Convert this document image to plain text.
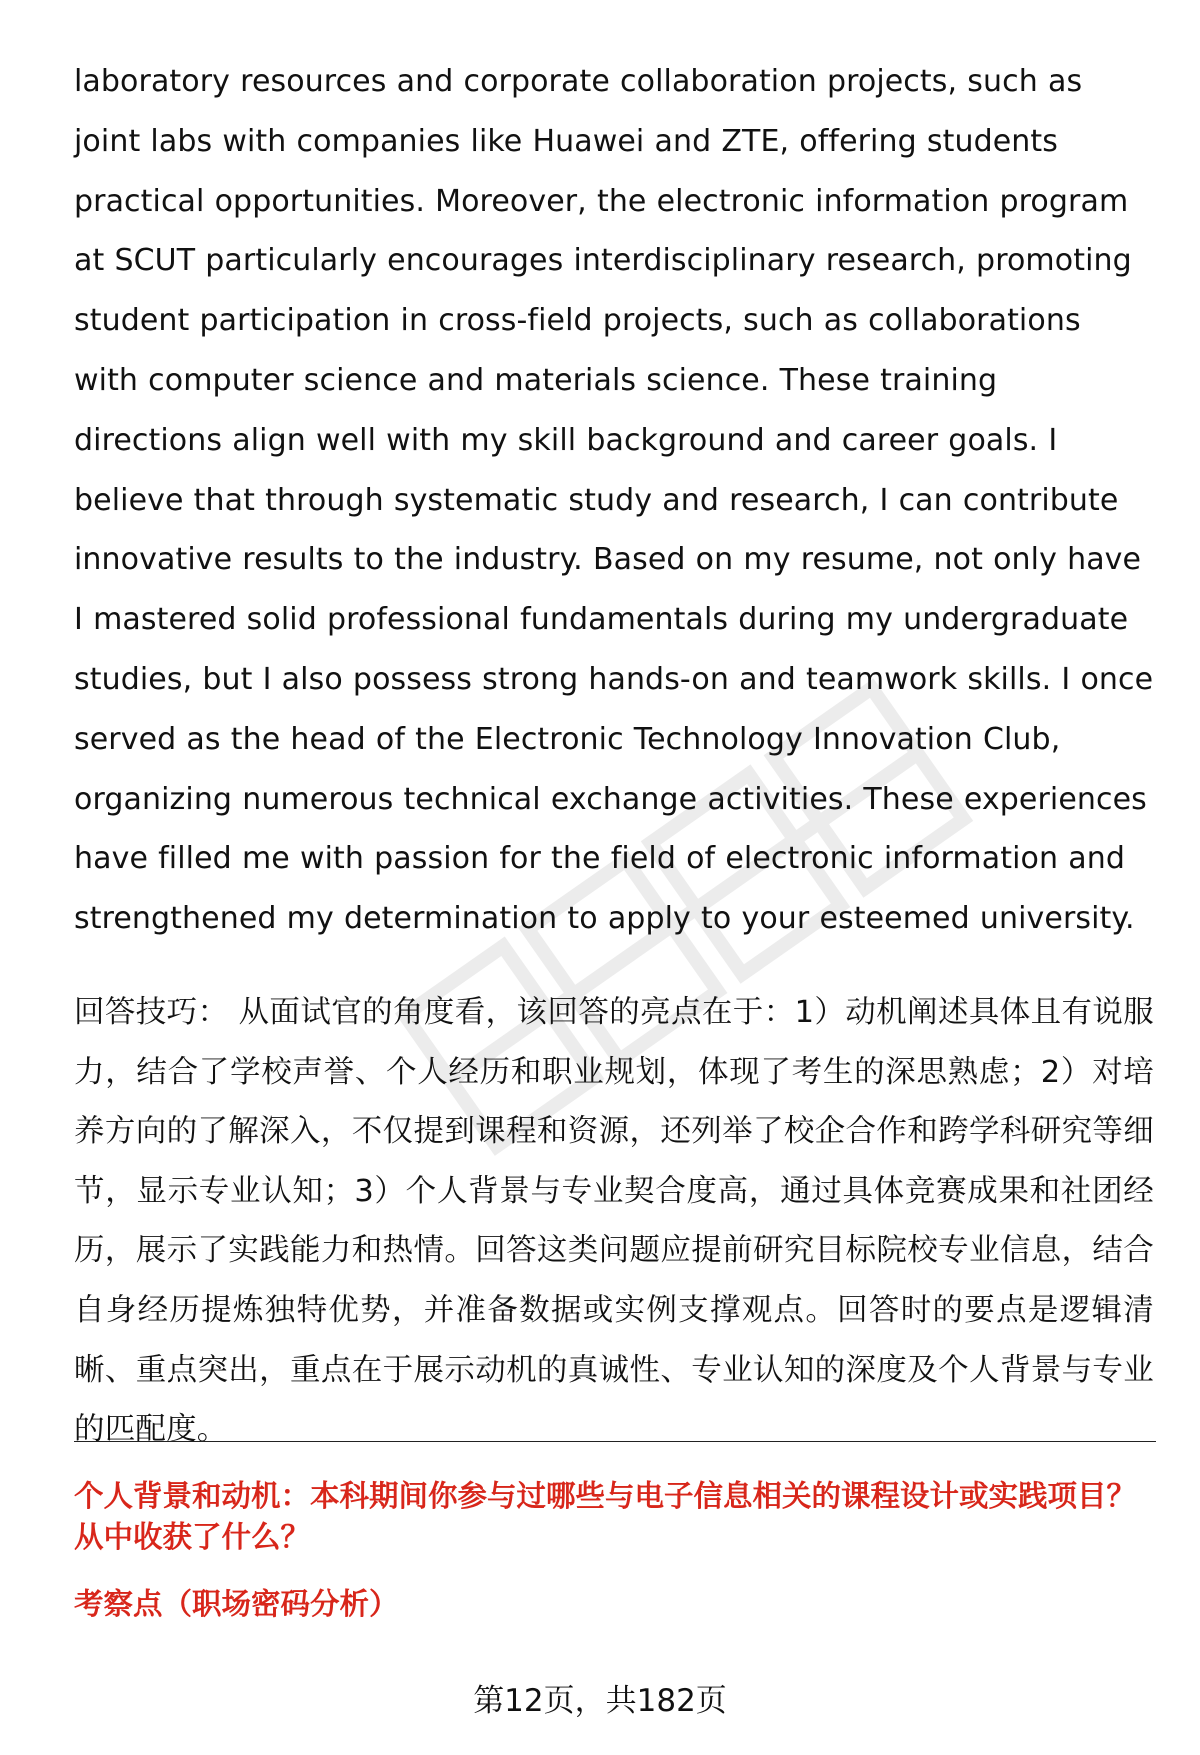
laboratory resources and corporate collaboration projects, such as joint labs with companies like Huawei and ZTE, offering students practical opportunities. Moreover, the electronic information program at SCUT particularly encourages interdisciplinary research, promoting student participation in cross-field projects, such as collaborations with computer science and materials science. These training directions align well with my skill background and career goals. I believe that through systematic study and research, I can contribute innovative results to the industry. Based on my resume, not only have I mastered solid professional fundamentals during my undergraduate studies, but I also possess strong hands-on and teamwork skills. I once served as the head of the Electronic Technology Innovation Club, organizing numerous technical exchange activities. These experiences have filled me with passion for the field of electronic information and strengthened my determination to apply to your esteemed university.

回答技巧： 从面试官的角度看，该回答的亮点在于：1）动机阐述具体且有说服力，结合了学校声誉、个人经历和职业规划，体现了考生的深思熟虑；2）对培养方向的了解深入，不仅提到课程和资源，还列举了校企合作和跨学科研究等细节，显示专业认知；3）个人背景与专业契合度高，通过具体竞赛成果和社团经历，展示了实践能力和热情。回答这类问题应提前研究目标院校专业信息，结合自身经历提炼独特优势，并准备数据或实例支撑观点。回答时的要点是逻辑清晰、重点突出，重点在于展示动机的真诚性、专业认知的深度及个人背景与专业的匹配度。

个人背景和动机：本科期间你参与过哪些与电子信息相关的课程设计或实践项目？从中收获了什么？

考察点（职场密码分析）

第12页，共182页
